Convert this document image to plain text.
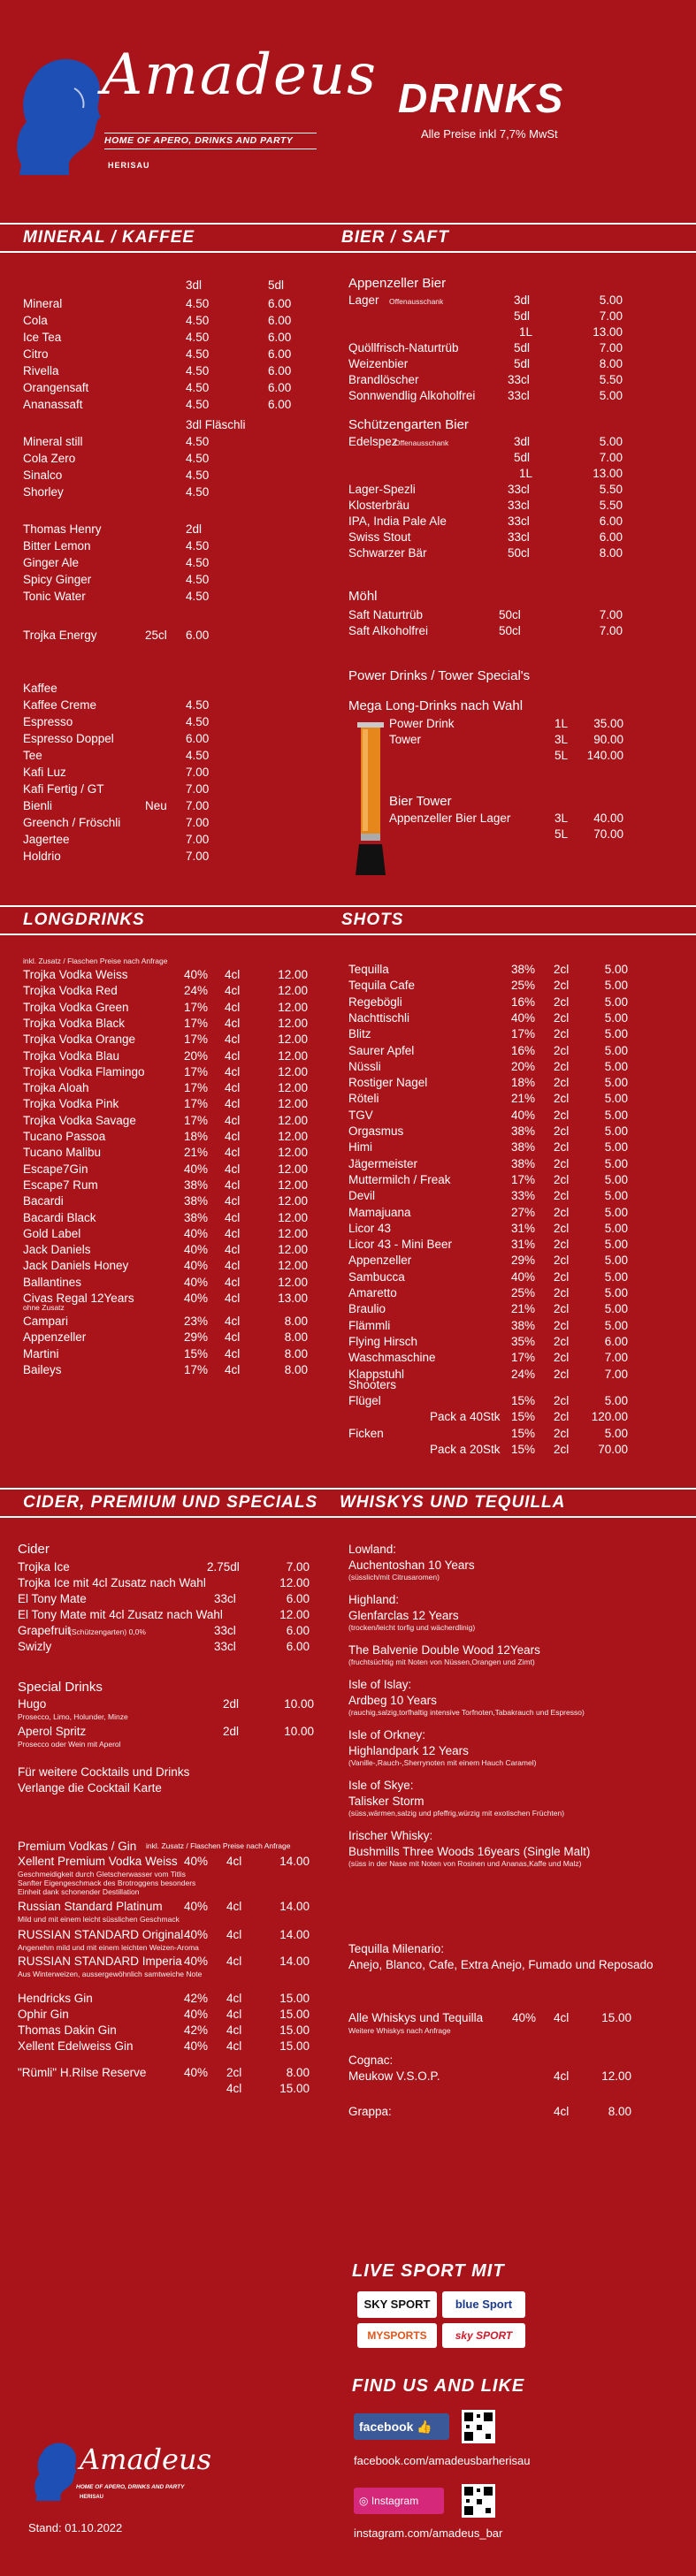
Amadeus
HOME OF APERO, DRINKS AND PARTY
HERISAU
DRINKS
Alle Preise inkl 7,7% MwSt
MINERAL / KAFFEE	BIER / SAFT
3dl	5dl
Mineral	4.50	6.00
Cola	4.50	6.00
Ice Tea	4.50	6.00
Citro	4.50	6.00
Rivella	4.50	6.00
Orangensaft	4.50	6.00
Ananassaft	4.50	6.00
3dl Fläschli
Mineral still	4.50
Cola Zero	4.50
Sinalco	4.50
Shorley	4.50
Thomas Henry	2dl
Bitter Lemon	4.50
Ginger Ale	4.50
Spicy Ginger	4.50
Tonic Water	4.50
Trojka Energy	25cl 6.00
Kaffee
Kaffee Creme	4.50
Espresso	4.50
Espresso Doppel	6.00
Tee	4.50
Kafi Luz	7.00
Kafi Fertig / GT	7.00
Bienli	Neu 7.00
Greench / Fröschli	7.00
Jagertee	7.00
Holdrio	7.00
Appenzeller Bier
Lager	3dl	5.00
Offenausschank
5dl	7.00
1L	13.00
Quöllfrisch-Naturtrüb	5dl	7.00
Weizenbier	5dl	8.00
Brandlöscher	33cl	5.50
Sonnwendlig Alkoholfrei	33cl	5.00
Schützengarten Bier
Edelspez	3dl	5.00
Offenausschank
5dl	7.00
1L	13.00
Lager-Spezli	33cl	5.50
Klosterbräu	33cl	5.50
IPA, India Pale Ale	33cl	6.00
Swiss Stout	33cl	6.00
Schwarzer Bär	50cl	8.00
Möhl
Saft Naturtrüb	50cl	7.00
Saft Alkoholfrei	50cl	7.00
Power Drinks / Tower Special's
Mega Long-Drinks nach Wahl
Power Drink	1L	35.00
Tower	3L	90.00
5L	140.00
Bier Tower
Appenzeller Bier Lager	3L	40.00
5L	70.00
LONGDRINKS	SHOTS
inkl. Zusatz / Flaschen Preise nach Anfrage
Trojka Vodka Weiss	40% 4cl	12.00
Trojka Vodka Red	24% 4cl	12.00
Trojka Vodka Green	17% 4cl	12.00
Trojka Vodka Black	17% 4cl	12.00
Trojka Vodka Orange	17% 4cl	12.00
Trojka Vodka Blau	20% 4cl	12.00
Trojka Vodka Flamingo	17% 4cl	12.00
Trojka Aloah	17% 4cl	12.00
Trojka Vodka Pink	17% 4cl	12.00
Trojka Vodka Savage	17% 4cl	12.00
Tucano Passoa	18% 4cl	12.00
Tucano Malibu	21% 4cl	12.00
Escape7Gin	40% 4cl	12.00
Escape7 Rum	38% 4cl	12.00
Bacardi	38% 4cl	12.00
Bacardi Black	38% 4cl	12.00
Gold Label	40% 4cl	12.00
Jack Daniels	40% 4cl	12.00
Jack Daniels Honey	40% 4cl	12.00
Ballantines	40% 4cl	12.00
Civas Regal 12Years	40% 4cl	13.00
ohne Zusatz
Campari	23% 4cl	8.00
Appenzeller	29% 4cl	8.00
Martini	15% 4cl	8.00
Baileys	17% 4cl	8.00
Tequilla	38% 2cl	5.00
Tequila Cafe	25% 2cl	5.00
Regebögli	16% 2cl	5.00
Nachttischli	40% 2cl	5.00
Blitz	17% 2cl	5.00
Saurer Apfel	16% 2cl	5.00
Nüssli	20% 2cl	5.00
Rostiger Nagel	18% 2cl	5.00
Röteli	21% 2cl	5.00
TGV	40% 2cl	5.00
Orgasmus	38% 2cl	5.00
Himi	38% 2cl	5.00
Jägermeister	38% 2cl	5.00
Muttermilch / Freak	17% 2cl	5.00
Devil	33% 2cl	5.00
Mamajuana	27% 2cl	5.00
Licor 43	31% 2cl	5.00
Licor 43 - Mini Beer	31% 2cl	5.00
Appenzeller	29% 2cl	5.00
Sambucca	40% 2cl	5.00
Amaretto	25% 2cl	5.00
Braulio	21% 2cl	5.00
Flämmli	38% 2cl	5.00
Flying Hirsch	35% 2cl	6.00
Waschmaschine	17% 2cl	7.00
Klappstuhl	24% 2cl	7.00
Shooters
Flügel	15% 2cl	5.00
Pack a 40Stk 15% 2cl	120.00
Ficken	15% 2cl	5.00
Pack a 20Stk 15% 2cl	70.00
CIDER, PREMIUM UND SPECIALS WHISKYS UND TEQUILLA
Cider
Trojka Ice	2.75dl	7.00
Trojka Ice mit 4cl Zusatz nach Wahl	12.00
El Tony Mate	33cl	6.00
El Tony Mate mit 4cl Zusatz nach Wahl	12.00
Grapefruit	33cl	6.00
(Schützengarten) 0,0%
Swizly	33cl	6.00
Special Drinks
Hugo	2dl	10.00
Prosecco, Limo, Holunder, Minze
Aperol Spritz	2dl	10.00
Prosecco oder Wein mit Aperol
Für weitere Cocktails und Drinks
Verlange die Cocktail Karte
Premium Vodkas / Gin inkl. Zusatz / Flaschen Preise nach Anfrage
Xellent Premium Vodka Weiss 40% 4cl	14.00
Geschmeidigkeit durch Gletscherwasser vom Titlis
Sanfter Eigengeschmack des Brotroggens besonders
Einheit dank schonender Destillation
Russian Standard Platinum 40% 4cl	14.00
Mild und mit einem leicht süsslichen Geschmack
RUSSIAN STANDARD Original 40% 4cl	14.00
Angenehm mild und mit einem leichten Weizen-Aroma
RUSSIAN STANDARD Imperia 40% 4cl	14.00
Aus Winterweizen, aussergewöhnlich samtweiche Note
Hendricks Gin	42% 4cl	15.00
Ophir Gin	40% 4cl	15.00
Thomas Dakin Gin	42% 4cl	15.00
Xellent Edelweiss Gin	40% 4cl	15.00
"Rümli" H.Rilse Reserve	40% 2cl	8.00
4cl	15.00
Tequilla Milenario:
Anejo, Blanco, Cafe, Extra Anejo, Fumado und Reposado
Alle Whiskys und Tequilla 40% 4cl	15.00
Weitere Whiskys nach Anfrage
Cognac:
Meukow V.S.O.P.	4cl	12.00
Grappa:	4cl	8.00
Lowland:
Auchentoshan 10 Years
(süsslich/mit Citrusaromen)
Highland:
Glenfarclas 12 Years
(trocken/leicht torfig und wächerdlinig)
The Balvenie Double Wood 12Years
(fruchtsüchtig mit Noten von Nüssen,Orangen und Zimt)
Isle of Islay:
Ardbeg 10 Years
(rauchig,salzig,torfhaltig intensive Torfnoten,Tabakrauch und Espresso)
Isle of Orkney:
Highlandpark 12 Years
(Vanille-,Rauch-,Sherrynoten mit einem Hauch Caramel)
Isle of Skye:
Talisker Storm
(süss,wärmen,salzig und pfeffrig,würzig mit exotischen Früchten)
Irischer Whisky:
Bushmills Three Woods 16years (Single Malt)
(süss in der Nase mit Noten von Rosinen und Ananas,Kaffe und Malz)
LIVE SPORT MIT
SKY SPORT	blue Sport
MYSPORTS	sky SPORT
FIND US AND LIKE
facebook 👍
facebook.com/amadeusbarherisau
◎ Instagram
instagram.com/amadeus_bar
Amadeus
HOME OF APERO, DRINKS AND PARTY
HERISAU
Stand: 01.10.2022
